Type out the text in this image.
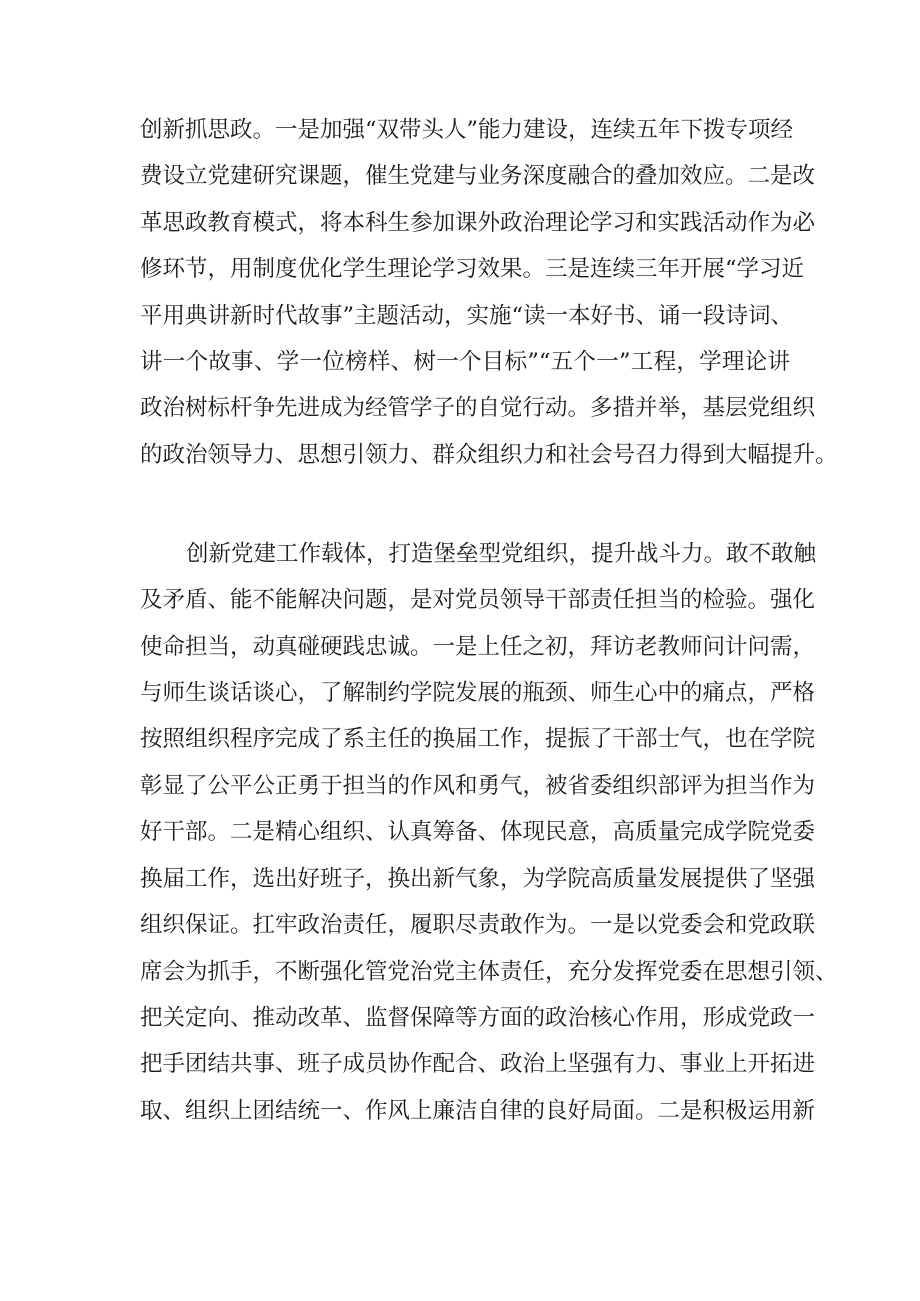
创新抓思政。一是加强“双带头人”能力建设，连续五年下拨专项经
费设立党建研究课题，催生党建与业务深度融合的叠加效应。二是改
革思政教育模式，将本科生参加课外政治理论学习和实践活动作为必
修环节，用制度优化学生理论学习效果。三是连续三年开展“学习近
平用典讲新时代故事”主题活动，实施“读一本好书、诵一段诗词、
讲一个故事、学一位榜样、树一个目标”“五个一”工程，学理论讲
政治树标杆争先进成为经管学子的自觉行动。多措并举，基层党组织
的政治领导力、思想引领力、群众组织力和社会号召力得到大幅提升。
创新党建工作载体，打造堡垒型党组织，提升战斗力。敢不敢触
及矛盾、能不能解决问题，是对党员领导干部责任担当的检验。强化
使命担当，动真碰硬践忠诚。一是上任之初，拜访老教师问计问需，
与师生谈话谈心，了解制约学院发展的瓶颈、师生心中的痛点，严格
按照组织程序完成了系主任的换届工作，提振了干部士气，也在学院
彰显了公平公正勇于担当的作风和勇气，被省委组织部评为担当作为
好干部。二是精心组织、认真筹备、体现民意，高质量完成学院党委
换届工作，选出好班子，换出新气象，为学院高质量发展提供了坚强
组织保证。扛牢政治责任，履职尽责敢作为。一是以党委会和党政联
席会为抓手，不断强化管党治党主体责任，充分发挥党委在思想引领、
把关定向、推动改革、监督保障等方面的政治核心作用，形成党政一
把手团结共事、班子成员协作配合、政治上坚强有力、事业上开拓进
取、组织上团结统一、作风上廉洁自律的良好局面。二是积极运用新
